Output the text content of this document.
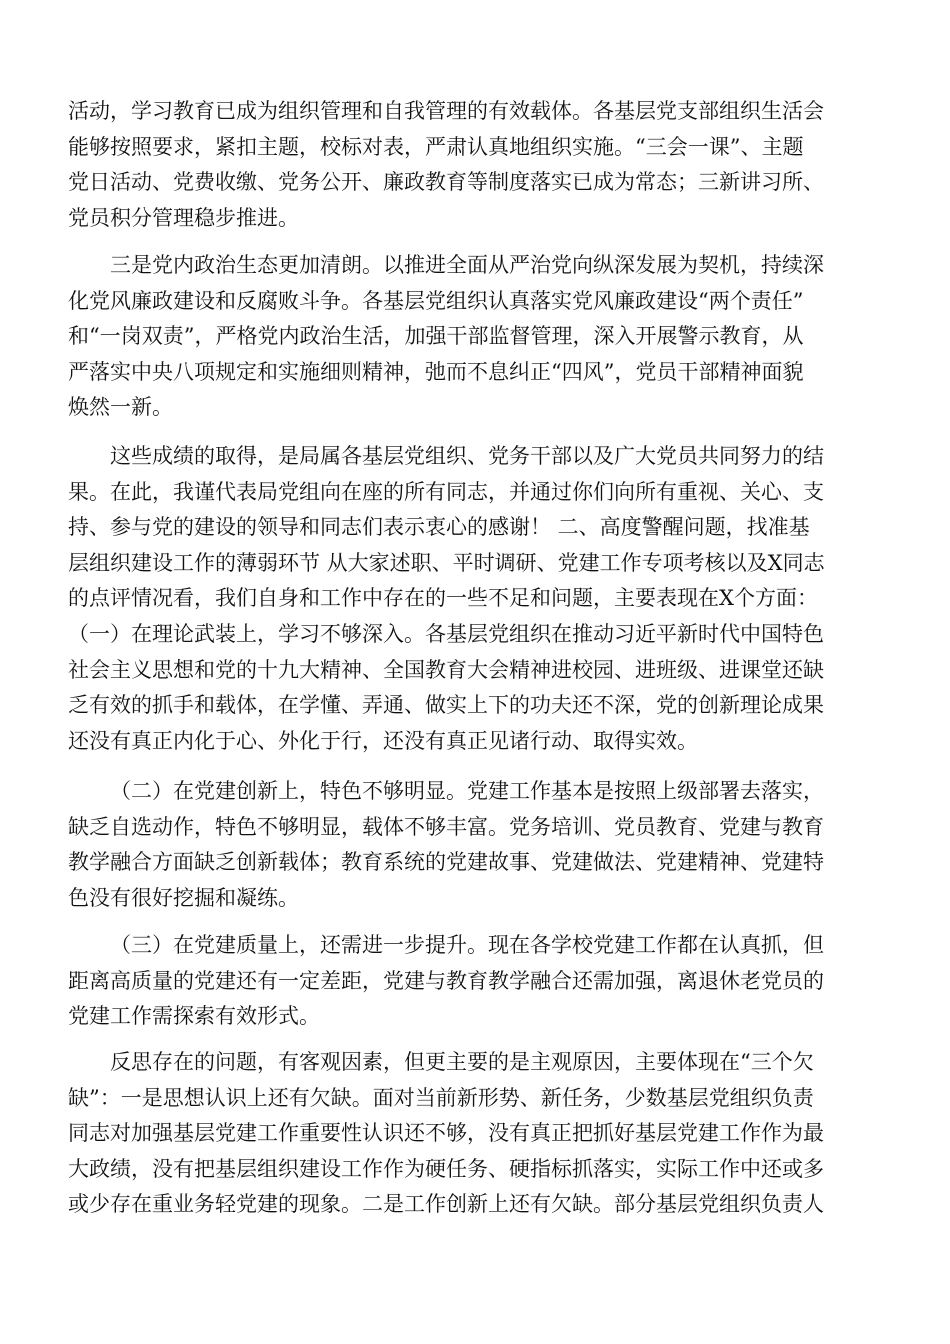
活动，学习教育已成为组织管理和自我管理的有效载体。各基层党支部组织生活会
能够按照要求，紧扣主题，校标对表，严肃认真地组织实施。“三会一课”、主题
党日活动、党费收缴、党务公开、廉政教育等制度落实已成为常态；三新讲习所、
党员积分管理稳步推进。
三是党内政治生态更加清朗。以推进全面从严治党向纵深发展为契机，持续深
化党风廉政建设和反腐败斗争。各基层党组织认真落实党风廉政建设“两个责任”
和“一岗双责”，严格党内政治生活，加强干部监督管理，深入开展警示教育，从
严落实中央八项规定和实施细则精神，弛而不息纠正“四风”，党员干部精神面貌
焕然一新。
这些成绩的取得，是局属各基层党组织、党务干部以及广大党员共同努力的结
果。在此，我谨代表局党组向在座的所有同志，并通过你们向所有重视、关心、支
持、参与党的建设的领导和同志们表示衷心的感谢！ 二、高度警醒问题，找准基
层组织建设工作的薄弱环节 从大家述职、平时调研、党建工作专项考核以及X同志
的点评情况看，我们自身和工作中存在的一些不足和问题，主要表现在X个方面：
（一）在理论武装上，学习不够深入。各基层党组织在推动习近平新时代中国特色
社会主义思想和党的十九大精神、全国教育大会精神进校园、进班级、进课堂还缺
乏有效的抓手和载体，在学懂、弄通、做实上下的功夫还不深，党的创新理论成果
还没有真正内化于心、外化于行，还没有真正见诸行动、取得实效。
（二）在党建创新上，特色不够明显。党建工作基本是按照上级部署去落实，
缺乏自选动作，特色不够明显，载体不够丰富。党务培训、党员教育、党建与教育
教学融合方面缺乏创新载体；教育系统的党建故事、党建做法、党建精神、党建特
色没有很好挖掘和凝练。
（三）在党建质量上，还需进一步提升。现在各学校党建工作都在认真抓，但
距离高质量的党建还有一定差距，党建与教育教学融合还需加强，离退休老党员的
党建工作需探索有效形式。
反思存在的问题，有客观因素，但更主要的是主观原因，主要体现在“三个欠
缺”：一是思想认识上还有欠缺。面对当前新形势、新任务，少数基层党组织负责
同志对加强基层党建工作重要性认识还不够，没有真正把抓好基层党建工作作为最
大政绩，没有把基层组织建设工作作为硬任务、硬指标抓落实，实际工作中还或多
或少存在重业务轻党建的现象。二是工作创新上还有欠缺。部分基层党组织负责人
